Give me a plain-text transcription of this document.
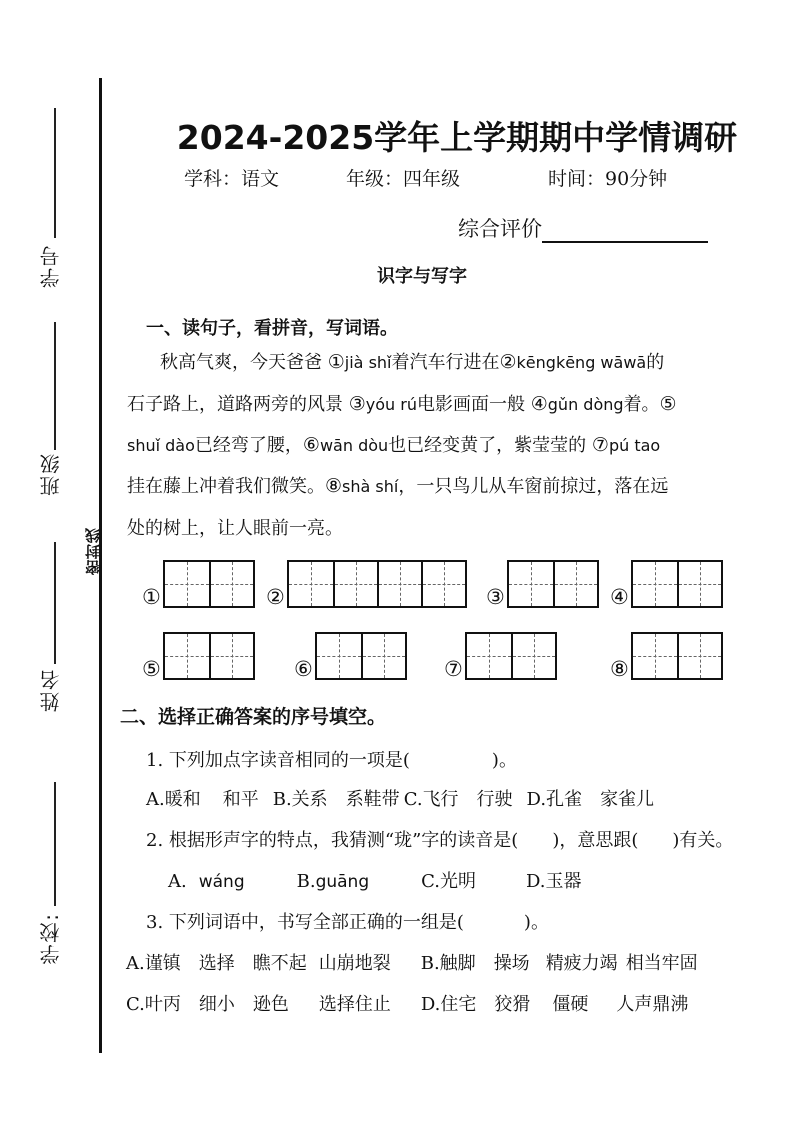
学号
班级
姓名
学校:
密封线
2024-2025学年上学期期中学情调研
学科：语文	年级：四年级	时间：90分钟
综合评价
识字与写字
一、读句子，看拼音，写词语。
秋高气爽，今天爸爸 ①jià shǐ着汽车行进在②kēngkēng wāwā的
石子路上，道路两旁的风景 ③yóu rú电影画面一般 ④gǔn dòng着。⑤
shuǐ dào已经弯了腰，⑥wān dòu也已经变黄了，紫莹莹的 ⑦pú tao
挂在藤上冲着我们微笑。⑧shà shí，一只鸟儿从车窗前掠过，落在远
处的树上，让人眼前一亮。
①	②	③	④
⑤	⑥	⑦	⑧
二、选择正确答案的序号填空。
1. 下列加点字读音相同的一项是(	)。
A.暖和 和平 B.关系 系鞋带 C.飞行 行驶 D.孔雀 家雀儿
2. 根据形声字的特点，我猜测“珑”字的读音是( )，意思跟( )有关。
A. wáng	B.guāng	C.光明	D.玉器
3. 下列词语中，书写全部正确的一组是(	)。
A.谨镇 选择 瞧不起 山崩地裂 B.触脚 操场 精疲力竭 相当牢固
C.叶丙 细小 逊色 选择住止 D.住宅 狡猾 僵硬 人声鼎沸
